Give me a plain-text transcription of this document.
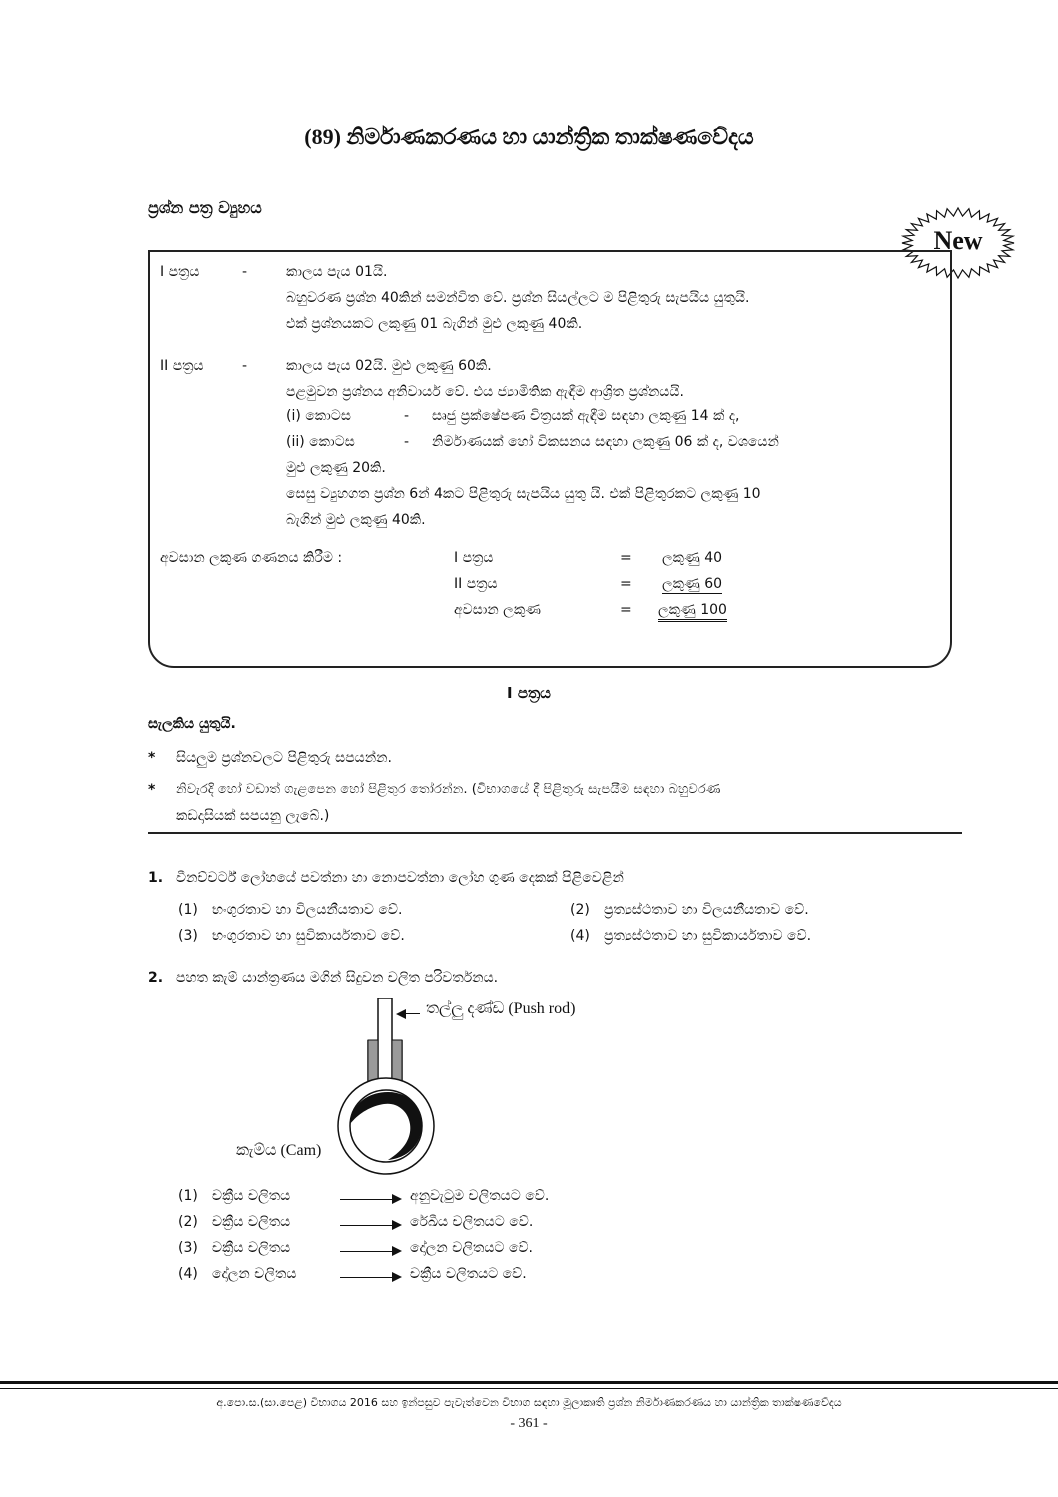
(89) නිර්මාණකරණය හා යාන්ත්‍රික තාක්ෂණවේදය
ප්‍රශ්න පත්‍ර ව්‍යුහය
New
I පත්‍රය	-	කාලය පැය 01යි.
බහුවරණ ප්‍රශ්න 40කින් සමන්විත වේ. ප්‍රශ්න සියල්ලට ම පිළිතුරු සැපයිය යුතුයි.
එක් ප්‍රශ්නයකට ලකුණු 01 බැගින් මුළු ලකුණු 40කි.
II පත්‍රය	-	කාලය පැය 02යි. මුළු ලකුණු 60කි.
පළමුවන ප්‍රශ්නය අනිවාර්ය වේ. එය ජ්‍යාමිතික ඇඳීම ආශ්‍රිත ප්‍රශ්නයයි.
(i) කොටස	- සෘජු ප්‍රක්ෂේපණ චිත්‍රයක් ඇඳීම සඳහා ලකුණු 14 ක් ද,
(ii) කොටස	- නිර්මාණයක් හෝ විකසනය සඳහා ලකුණු 06 ක් ද, වශයෙන්
මුළු ලකුණු 20කි.
සෙසු ව්‍යුහගත ප්‍රශ්න 6න් 4කට පිළිතුරු සැපයිය යුතු යි. එක් පිළිතුරකට ලකුණු 10
බැගින් මුළු ලකුණු 40කි.
අවසාන ලකුණ ගණනය කිරීම :	I පත්‍රය	= ලකුණු 40
II පත්‍රය	= ලකුණු 60
අවසාන ලකුණ	= ලකුණු 100
I පත්‍රය
සැලකිය යුතුයි.
* සියලුම ප්‍රශ්නවලට පිළිතුරු සපයන්න.
* නිවැරදි හෝ වඩාත් ගැළපෙන හෝ පිළිතුර තෝරන්න. (විභාගයේ දී පිළිතුරු සැපයීම සඳහා බහුවරණ
කඩදාසියක් සපයනු ලැබේ.)
1. වීනච්චර්ට් ලෝහයේ පවත්නා හා නොපවත්නා ලෝහ ගුණ දෙකක් පිළිවෙළින්
(1) භංගුරතාව හා විලයනීයතාව වේ.	(2) ප්‍රත්‍යස්ථතාව හා විලයනීයතාව වේ.
(3) භංගුරතාව හා සුවිකාර්යතාව වේ.	(4) ප්‍රත්‍යස්ථතාව හා සුවිකාර්යතාව වේ.
2. පහත කැම් යාන්ත්‍රණය මගින් සිදුවන චලිත පරිවර්තනය.
තල්ලු දණ්ඩ (Push rod)
කැම්ය (Cam)
(1) චක්‍රීය චලිතය	අනුවැටුම චලිතයට වේ.
(2) චක්‍රීය චලිතය	රේඛීය චලිතයට වේ.
(3) චක්‍රීය චලිතය	දෝලන චලිතයට වේ.
(4) දෝලන චලිතය	චක්‍රීය චලිතයට වේ.
අ.පො.ස.(සා.පෙළ) විභාගය 2016 සහ ඉන්පසුව පැවැත්වෙන විභාග සඳහා මූලාකෘති ප්‍රශ්න නිර්මාණකරණය හා යාන්ත්‍රික තාක්ෂණවේදය
- 361 -
